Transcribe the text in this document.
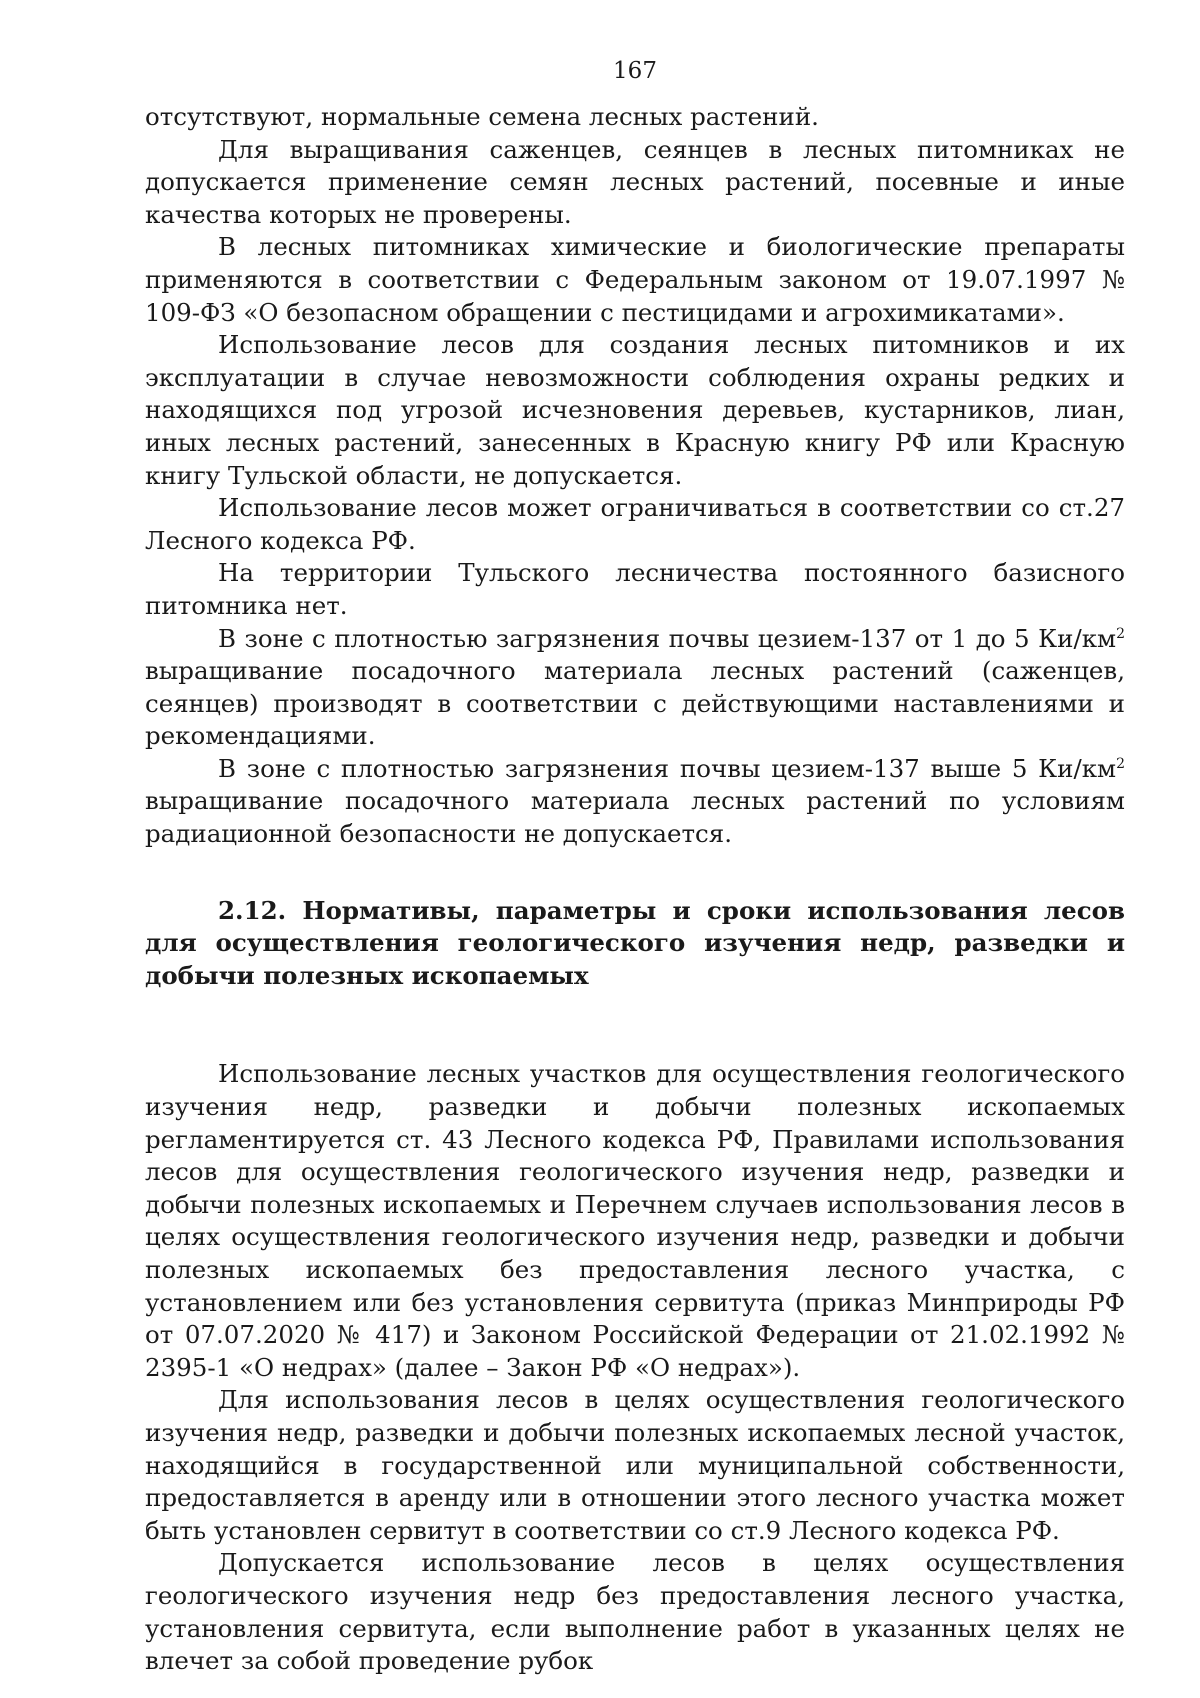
167

отсутствуют, нормальные семена лесных растений.

Для выращивания саженцев, сеянцев в лесных питомниках не допускается применение семян лесных растений, посевные и иные качества которых не проверены.

В лесных питомниках химические и биологические препараты применяются в соответствии с Федеральным законом от 19.07.1997 № 109-ФЗ «О безопасном обращении с пестицидами и агрохимикатами».

Использование лесов для создания лесных питомников и их эксплуатации в случае невозможности соблюдения охраны редких и находящихся под угрозой исчезновения деревьев, кустарников, лиан, иных лесных растений, занесенных в Красную книгу РФ или Красную книгу Тульской области, не допускается.

Использование лесов может ограничиваться в соответствии со ст.27 Лесного кодекса РФ.

На территории Тульского лесничества постоянного базисного питомника нет.

В зоне с плотностью загрязнения почвы цезием-137 от 1 до 5 $Ки/км^2$ выращивание посадочного материала лесных растений (саженцев, сеянцев) производят в соответствии с действующими наставлениями и рекомендациями.

В зоне с плотностью загрязнения почвы цезием-137 выше 5 $Ки/км^2$ выращивание посадочного материала лесных растений по условиям радиационной безопасности не допускается.

2.12. Нормативы, параметры и сроки использования лесов для осуществления геологического изучения недр, разведки и добычи полезных ископаемых

Использование лесных участков для осуществления геологического изучения недр, разведки и добычи полезных ископаемых регламентируется ст. 43 Лесного кодекса РФ, Правилами использования лесов для осуществления геологического изучения недр, разведки и добычи полезных ископаемых и Перечнем случаев использования лесов в целях осуществления геологического изучения недр, разведки и добычи полезных ископаемых без предоставления лесного участка, с установлением или без установления сервитута (приказ Минприроды РФ от 07.07.2020 № 417) и Законом Российской Федерации от 21.02.1992 № 2395-1 «О недрах» (далее – Закон РФ «О недрах»).

Для использования лесов в целях осуществления геологического изучения недр, разведки и добычи полезных ископаемых лесной участок, находящийся в государственной или муниципальной собственности, предоставляется в аренду или в отношении этого лесного участка может быть установлен сервитут в соответствии со ст.9 Лесного кодекса РФ.

Допускается использование лесов в целях осуществления геологического изучения недр без предоставления лесного участка, установления сервитута, если выполнение работ в указанных целях не влечет за собой проведение рубок
